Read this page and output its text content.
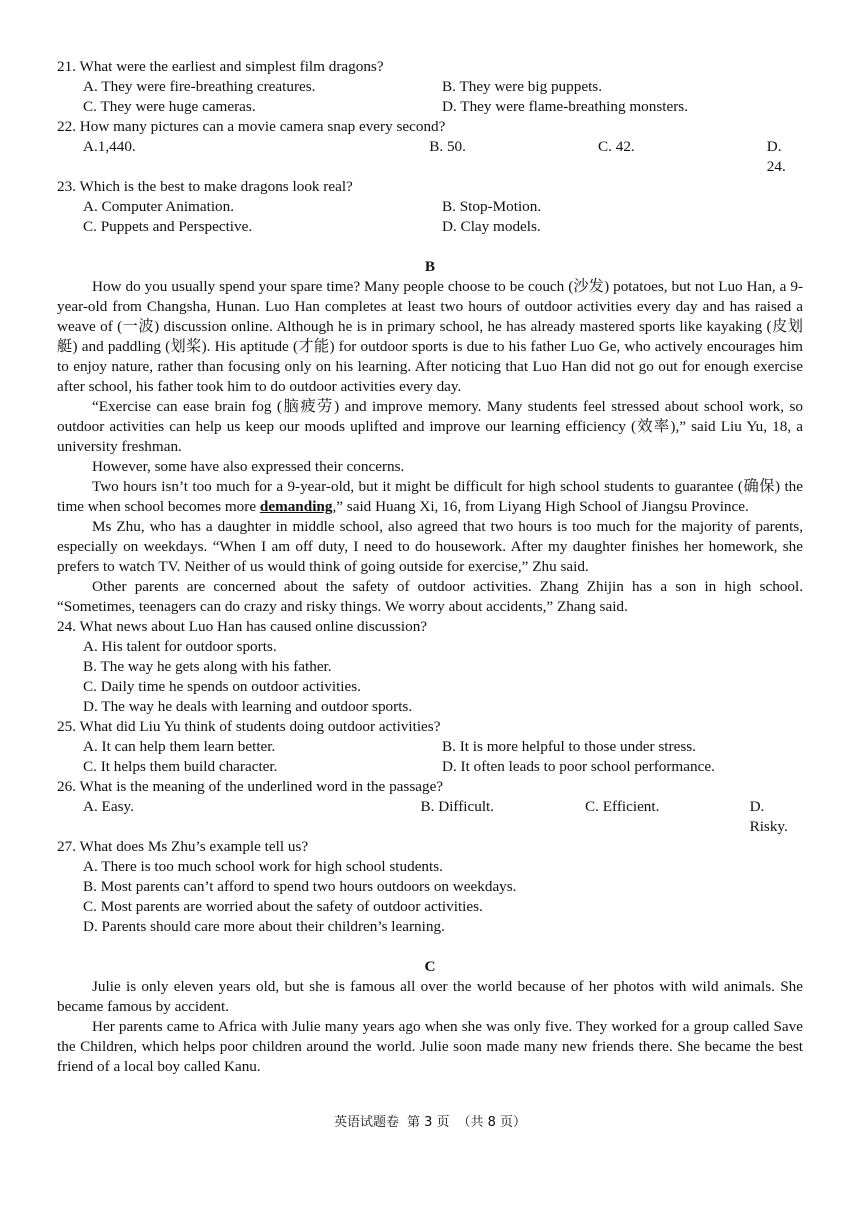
21. What were the earliest and simplest film dragons?

A. They were fire-breathing creatures.	B. They were big puppets.
C. They were huge cameras.	D. They were flame-breathing monsters.

22. How many pictures can a movie camera snap every second?

A.1,440.	B. 50.	C. 42.	D. 24.

23. Which is the best to make dragons look real?

A. Computer Animation.	B. Stop-Motion.
C. Puppets and Perspective.	D. Clay models.
B

How do you usually spend your spare time? Many people choose to be couch (沙发) potatoes, but not Luo Han, a 9-year-old from Changsha, Hunan. Luo Han completes at least two hours of outdoor activities every day and has raised a weave of (一波) discussion online. Although he is in primary school, he has already mastered sports like kayaking (皮划艇) and paddling (划桨). His aptitude (才能) for outdoor sports is due to his father Luo Ge, who actively encourages him to enjoy nature, rather than focusing only on his learning. After noticing that Luo Han did not go out for enough exercise after school, his father took him to do outdoor activities every day.

“Exercise can ease brain fog (脑疲劳) and improve memory. Many students feel stressed about school work, so outdoor activities can help us keep our moods uplifted and improve our learning efficiency (效率),” said Liu Yu, 18, a university freshman.

However, some have also expressed their concerns.

Two hours isn’t too much for a 9-year-old, but it might be difficult for high school students to guarantee (确保) the time when school becomes more demanding,” said Huang Xi, 16, from Liyang High School of Jiangsu Province.

Ms Zhu, who has a daughter in middle school, also agreed that two hours is too much for the majority of parents, especially on weekdays. “When I am off duty, I need to do housework. After my daughter finishes her homework, she prefers to watch TV. Neither of us would think of going outside for exercise,” Zhu said.

Other parents are concerned about the safety of outdoor activities. Zhang Zhijin has a son in high school. “Sometimes, teenagers can do crazy and risky things. We worry about accidents,” Zhang said.

24. What news about Luo Han has caused online discussion?

A. His talent for outdoor sports.
B. The way he gets along with his father.
C. Daily time he spends on outdoor activities.
D. The way he deals with learning and outdoor sports.

25. What did Liu Yu think of students doing outdoor activities?

A. It can help them learn better.	B. It is more helpful to those under stress.
C. It helps them build character.	D. It often leads to poor school performance.

26. What is the meaning of the underlined word in the passage?

A. Easy.	B. Difficult.	C. Efficient.	D. Risky.

27. What does Ms Zhu’s example tell us?

A. There is too much school work for high school students.
B. Most parents can’t afford to spend two hours outdoors on weekdays.
C. Most parents are worried about the safety of outdoor activities.
D. Parents should care more about their children’s learning.
C

Julie is only eleven years old, but she is famous all over the world because of her photos with wild animals. She became famous by accident.

Her parents came to Africa with Julie many years ago when she was only five. They worked for a group called Save the Children, which helps poor children around the world. Julie soon made many new friends there. She became the best friend of a local boy called Kanu.

英语试题卷 第 3 页 （共 8 页）
